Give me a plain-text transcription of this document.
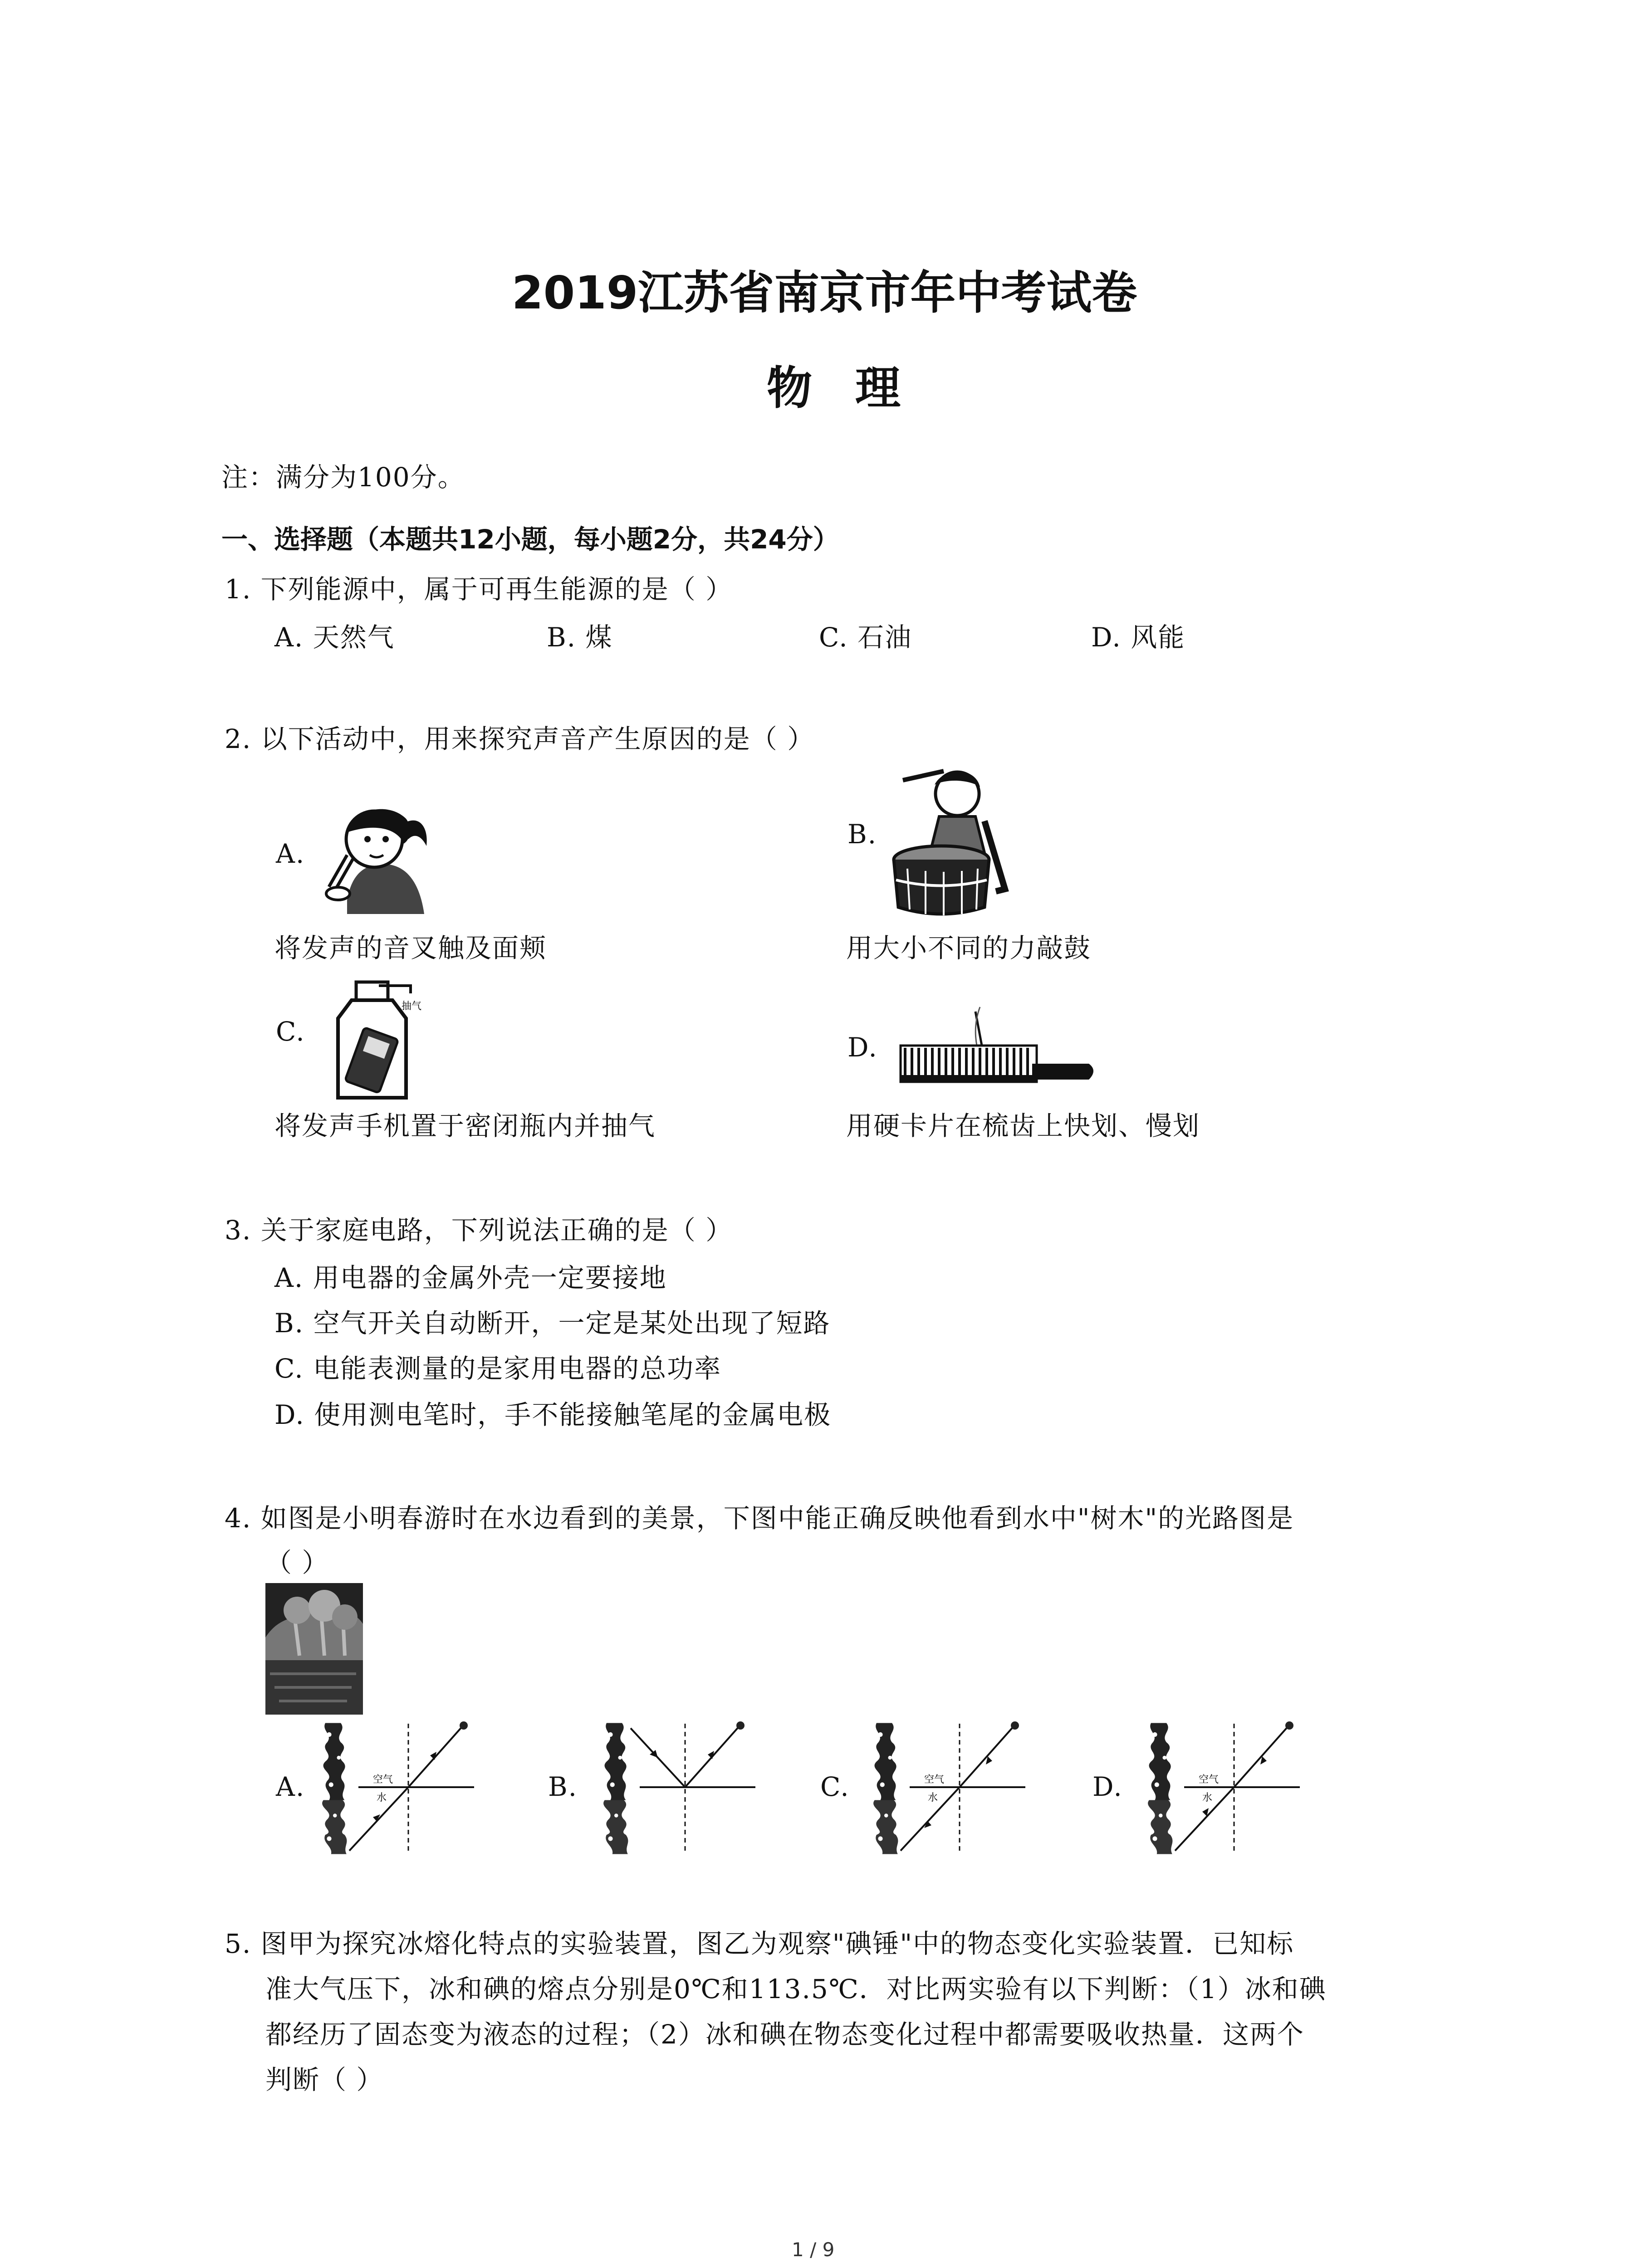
2019江苏省南京市年中考试卷
物 理
注：满分为100分。
一、选择题（本题共12小题，每小题2分，共24分）
1. 下列能源中，属于可再生能源的是（ ）
A. 天然气	B. 煤	C. 石油	D. 风能
2. 以下活动中，用来探究声音产生原因的是（ ）
A.
将发声的音叉触及面颊
B.
用大小不同的力敲鼓
C.
抽气
将发声手机置于密闭瓶内并抽气
D.
用硬卡片在梳齿上快划、慢划
3. 关于家庭电路，下列说法正确的是（ ）
A. 用电器的金属外壳一定要接地
B. 空气开关自动断开，一定是某处出现了短路
C. 电能表测量的是家用电器的总功率
D. 使用测电笔时，手不能接触笔尾的金属电极
4. 如图是小明春游时在水边看到的美景，下图中能正确反映他看到水中"树木"的光路图是
（ ）
A.	空气
水	B.	C.	空气
水	D.	空气
水
5. 图甲为探究冰熔化特点的实验装置，图乙为观察"碘锤"中的物态变化实验装置．已知标
准大气压下，冰和碘的熔点分别是0℃和113.5℃．对比两实验有以下判断：（1）冰和碘
都经历了固态变为液态的过程；（2）冰和碘在物态变化过程中都需要吸收热量．这两个
判断（ ）
1 / 9
